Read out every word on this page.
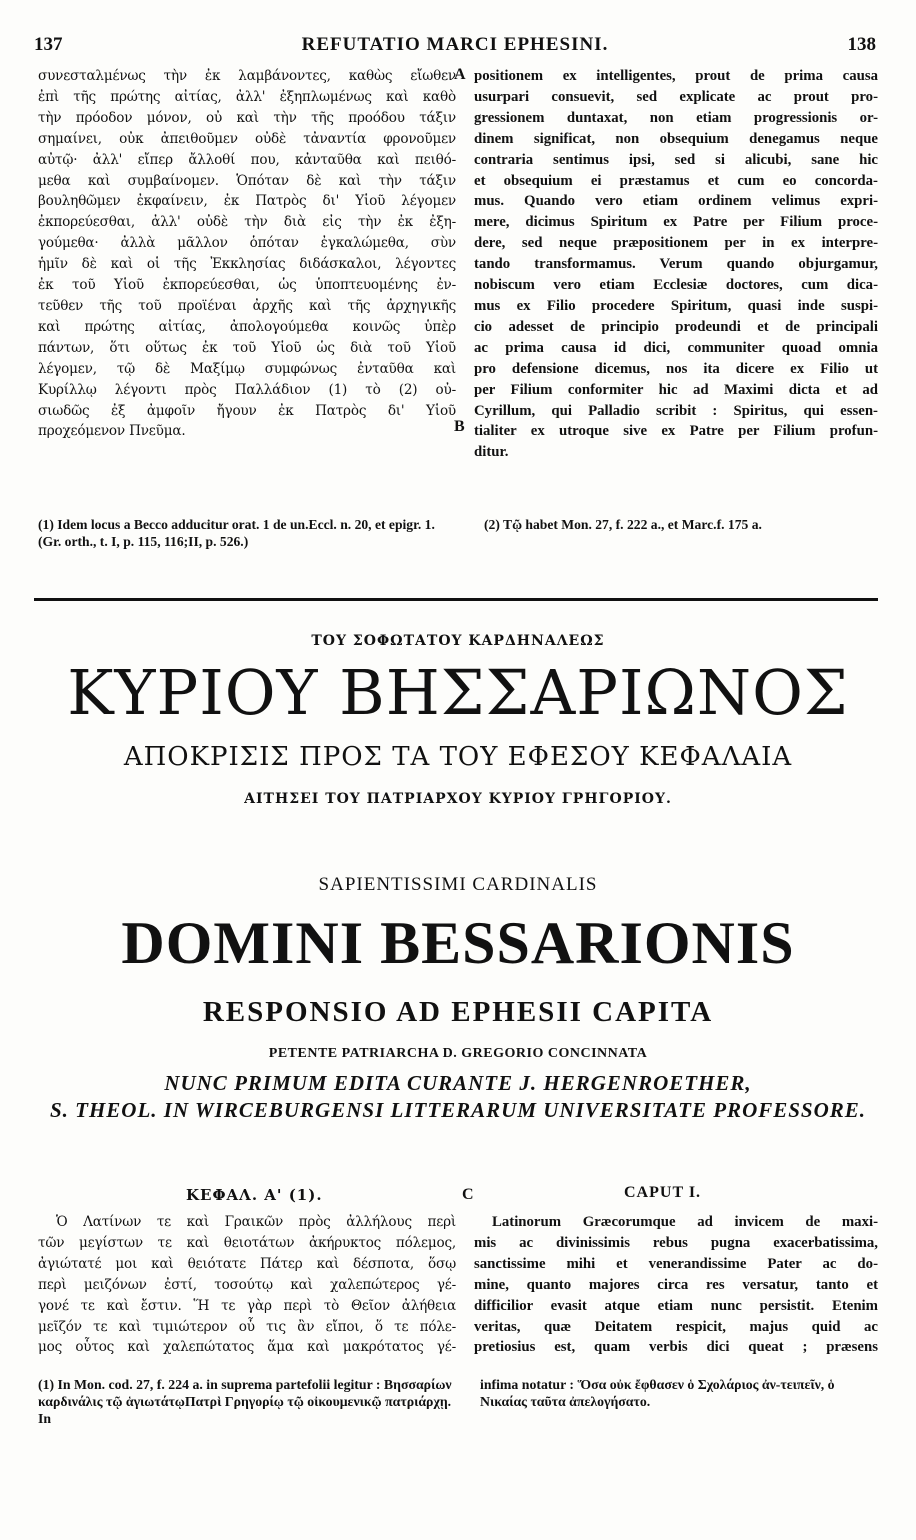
137	REFUTATIO MARCI EPHESINI.	138
συνεσταλμένως τὴν ἐκ λαμβάνοντες, καθὼς εἴωθεν
ἐπὶ τῆς πρώτης αἰτίας, ἀλλ' ἐξηπλωμένως καὶ καθὸ
τὴν πρόοδον μόνον, οὐ καὶ τὴν τῆς προόδου τάξιν
σημαίνει, οὐκ ἀπειθοῦμεν οὐδὲ τἀναντία φρονοῦμεν
αὐτῷ· ἀλλ' εἴπερ ἄλλοθί που, κἀνταῦθα καὶ πειθό-
μεθα καὶ συμβαίνομεν. Ὁπόταν δὲ καὶ τὴν τάξιν
βουληθῶμεν ἐκφαίνειν, ἐκ Πατρὸς δι' Υἱοῦ λέγομεν
ἐκπορεύεσθαι, ἀλλ' οὐδὲ τὴν διὰ εἰς τὴν ἐκ ἐξη-
γούμεθα· ἀλλὰ μᾶλλον ὁπόταν ἐγκαλώμεθα, σὺν
ἡμῖν δὲ καὶ οἱ τῆς Ἐκκλησίας διδάσκαλοι, λέγοντες
ἐκ τοῦ Υἱοῦ ἐκπορεύεσθαι, ὡς ὑποπτευομένης ἐν-
τεῦθεν τῆς τοῦ προϊέναι ἀρχῆς καὶ τῆς ἀρχηγικῆς
καὶ πρώτης αἰτίας, ἀπολογούμεθα κοινῶς ὑπὲρ
πάντων, ὅτι οὕτως ἐκ τοῦ Υἱοῦ ὡς διὰ τοῦ Υἱοῦ
λέγομεν, τῷ δὲ Μαξίμῳ συμφώνως ἐνταῦθα καὶ
Κυρίλλῳ λέγοντι πρὸς Παλλάδιον (1) τὸ (2) οὐ-
σιωδῶς ἐξ ἀμφοῖν ἤγουν ἐκ Πατρὸς δι' Υἱοῦ
προχεόμενον Πνεῦμα.
A
B
positionem ex intelligentes, prout de prima causa
usurpari consuevit, sed explicate ac prout pro-
gressionem duntaxat, non etiam progressionis or-
dinem significat, non obsequium denegamus neque
contraria sentimus ipsi, sed si alicubi, sane hic
et obsequium ei præstamus et cum eo concorda-
mus. Quando vero etiam ordinem velimus expri-
mere, dicimus Spiritum ex Patre per Filium proce-
dere, sed neque præpositionem per in ex interpre-
tando transformamus. Verum quando objurgamur,
nobiscum vero etiam Ecclesiæ doctores, cum dica-
mus ex Filio procedere Spiritum, quasi inde suspi-
cio adesset de principio prodeundi et de principali
ac prima causa id dici, communiter quoad omnia
pro defensione dicemus, nos ita dicere ex Filio ut
per Filium conformiter hic ad Maximi dicta et ad
Cyrillum, qui Palladio scribit : Spiritus, qui essen-
tialiter ex utroque sive ex Patre per Filium profun-
ditur.
(1) Idem locus a Becco adducitur orat. 1 de un.Eccl. n. 20, et epigr. 1. (Gr. orth., t. I, p. 115, 116;II, p. 526.)
(2) Τῷ habet Mon. 27, f. 222 a., et Marc.f. 175 a.
ΤΟΥ ΣΟΦΩΤΑΤΟΥ ΚΑΡΔΗΝΑΛΕΩΣ
ΚΥΡΙΟΥ ΒΗΣΣΑΡΙΩΝΟΣ
ΑΠΟΚΡΙΣΙΣ ΠΡΟΣ ΤΑ ΤΟΥ ΕΦΕΣΟΥ ΚΕΦΑΛΑΙΑ
ΑΙΤΗΣΕΙ ΤΟΥ ΠΑΤΡΙΑΡΧΟΥ ΚΥΡΙΟΥ ΓΡΗΓΟΡΙΟΥ.
SAPIENTISSIMI CARDINALIS
DOMINI BESSARIONIS
RESPONSIO AD EPHESII CAPITA
PETENTE PATRIARCHA D. GREGORIO CONCINNATA
NUNC PRIMUM EDITA CURANTE J. HERGENROETHER,
S. THEOL. IN WIRCEBURGENSI LITTERARUM UNIVERSITATE PROFESSORE.
ΚΕΦΑΛ. Α' (1).	C	CAPUT I.
Ὁ Λατίνων τε καὶ Γραικῶν πρὸς ἀλλήλους περὶ
τῶν μεγίστων τε καὶ θειοτάτων ἀκήρυκτος πόλεμος,
ἀγιώτατέ μοι καὶ θειότατε Πάτερ καὶ δέσποτα, ὅσῳ
περὶ μειζόνων ἐστί, τοσούτῳ καὶ χαλεπώτερος γέ-
γονέ τε καὶ ἔστιν. Ἥ τε γὰρ περὶ τὸ Θεῖον ἀλήθεια
μεῖζόν τε καὶ τιμιώτερον οὗ τις ἂν εἴποι, ὅ τε πόλε-
μος οὗτος καὶ χαλεπώτατος ἅμα καὶ μακρότατος γέ-
Latinorum Græcorumque ad invicem de maxi-
mis ac divinissimis rebus pugna exacerbatissima,
sanctissime mihi et venerandissime Pater ac do-
mine, quanto majores circa res versatur, tanto et
difficilior evasit atque etiam nunc persistit. Etenim
veritas, quæ Deitatem respicit, majus quid ac
pretiosius est, quam verbis dici queat ; præsens
(1) In Mon. cod. 27, f. 224 a. in suprema partefolii legitur : Βησσαρίων καρδινάλις τῷ ἁγιωτάτῳΠατρὶ Γρηγορίῳ τῷ οἰκουμενικῷ πατριάρχῃ. In
infima notatur : Ὅσα οὐκ ἔφθασεν ὁ Σχολάριος ἀν-τειπεῖν, ὁ Νικαίας ταῦτα ἀπελογήσατο.
